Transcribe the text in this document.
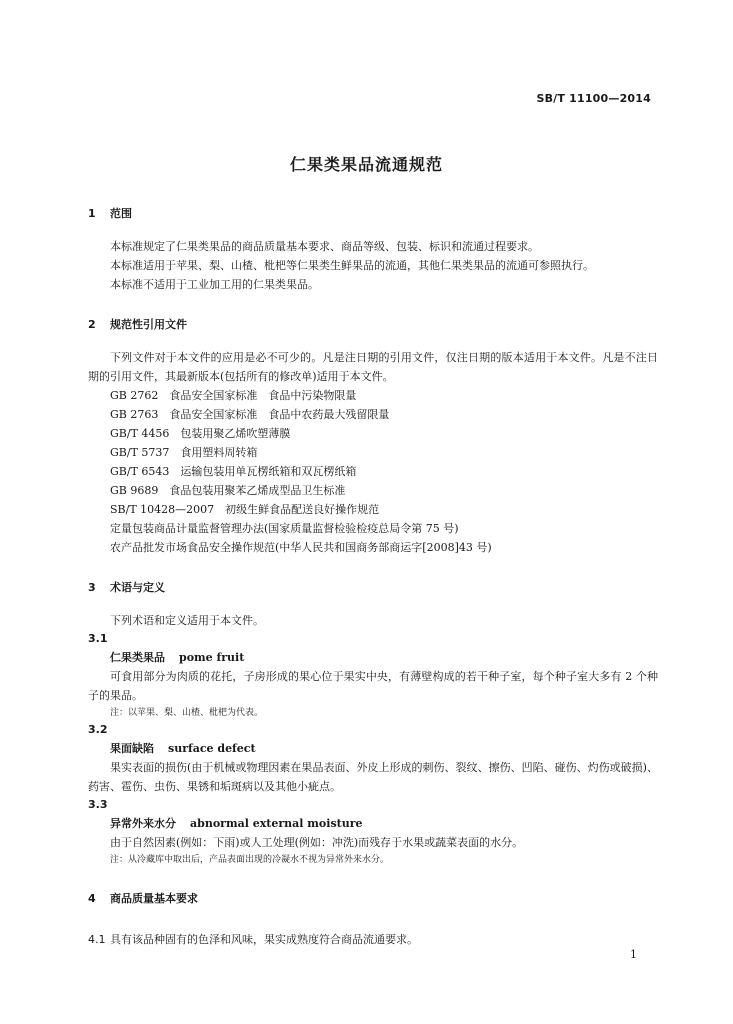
SB/T 11100—2014
仁果类果品流通规范
1	范围

本标准规定了仁果类果品的商品质量基本要求、商品等级、包装、标识和流通过程要求。

本标准适用于苹果、梨、山楂、枇杷等仁果类生鲜果品的流通，其他仁果类果品的流通可参照执行。

本标准不适用于工业加工用的仁果类果品。

2	规范性引用文件

下列文件对于本文件的应用是必不可少的。凡是注日期的引用文件，仅注日期的版本适用于本文件。凡是不注日期的引用文件，其最新版本(包括所有的修改单)适用于本文件。

GB 2762　食品安全国家标准　食品中污染物限量
GB 2763　食品安全国家标准　食品中农药最大残留限量
GB/T 4456　包装用聚乙烯吹塑薄膜
GB/T 5737　食用塑料周转箱
GB/T 6543　运输包装用单瓦楞纸箱和双瓦楞纸箱
GB 9689　食品包装用聚苯乙烯成型品卫生标准
SB/T 10428—2007　初级生鲜食品配送良好操作规范
定量包装商品计量监督管理办法(国家质量监督检验检疫总局令第 75 号)
农产品批发市场食品安全操作规范(中华人民共和国商务部商运字[2008]43 号)
3	术语与定义

下列术语和定义适用于本文件。

3.1
仁果类果品 pome fruit

可食用部分为肉质的花托，子房形成的果心位于果实中央，有薄壁构成的若干种子室，每个种子室大多有 2 个种子的果品。

注：以苹果、梨、山楂、枇杷为代表。
3.2
果面缺陷 surface defect

果实表面的损伤(由于机械或物理因素在果品表面、外皮上形成的刺伤、裂纹、擦伤、凹陷、碰伤、灼伤或破损)、药害、雹伤、虫伤、果锈和垢斑病以及其他小疵点。

3.3
异常外来水分 abnormal external moisture

由于自然因素(例如：下雨)或人工处理(例如：冲洗)而残存于水果或蔬菜表面的水分。

注：从冷藏库中取出后，产品表面出现的冷凝水不视为异常外来水分。
4	商品质量基本要求
4.1 具有该品种固有的色泽和风味，果实成熟度符合商品流通要求。
1
